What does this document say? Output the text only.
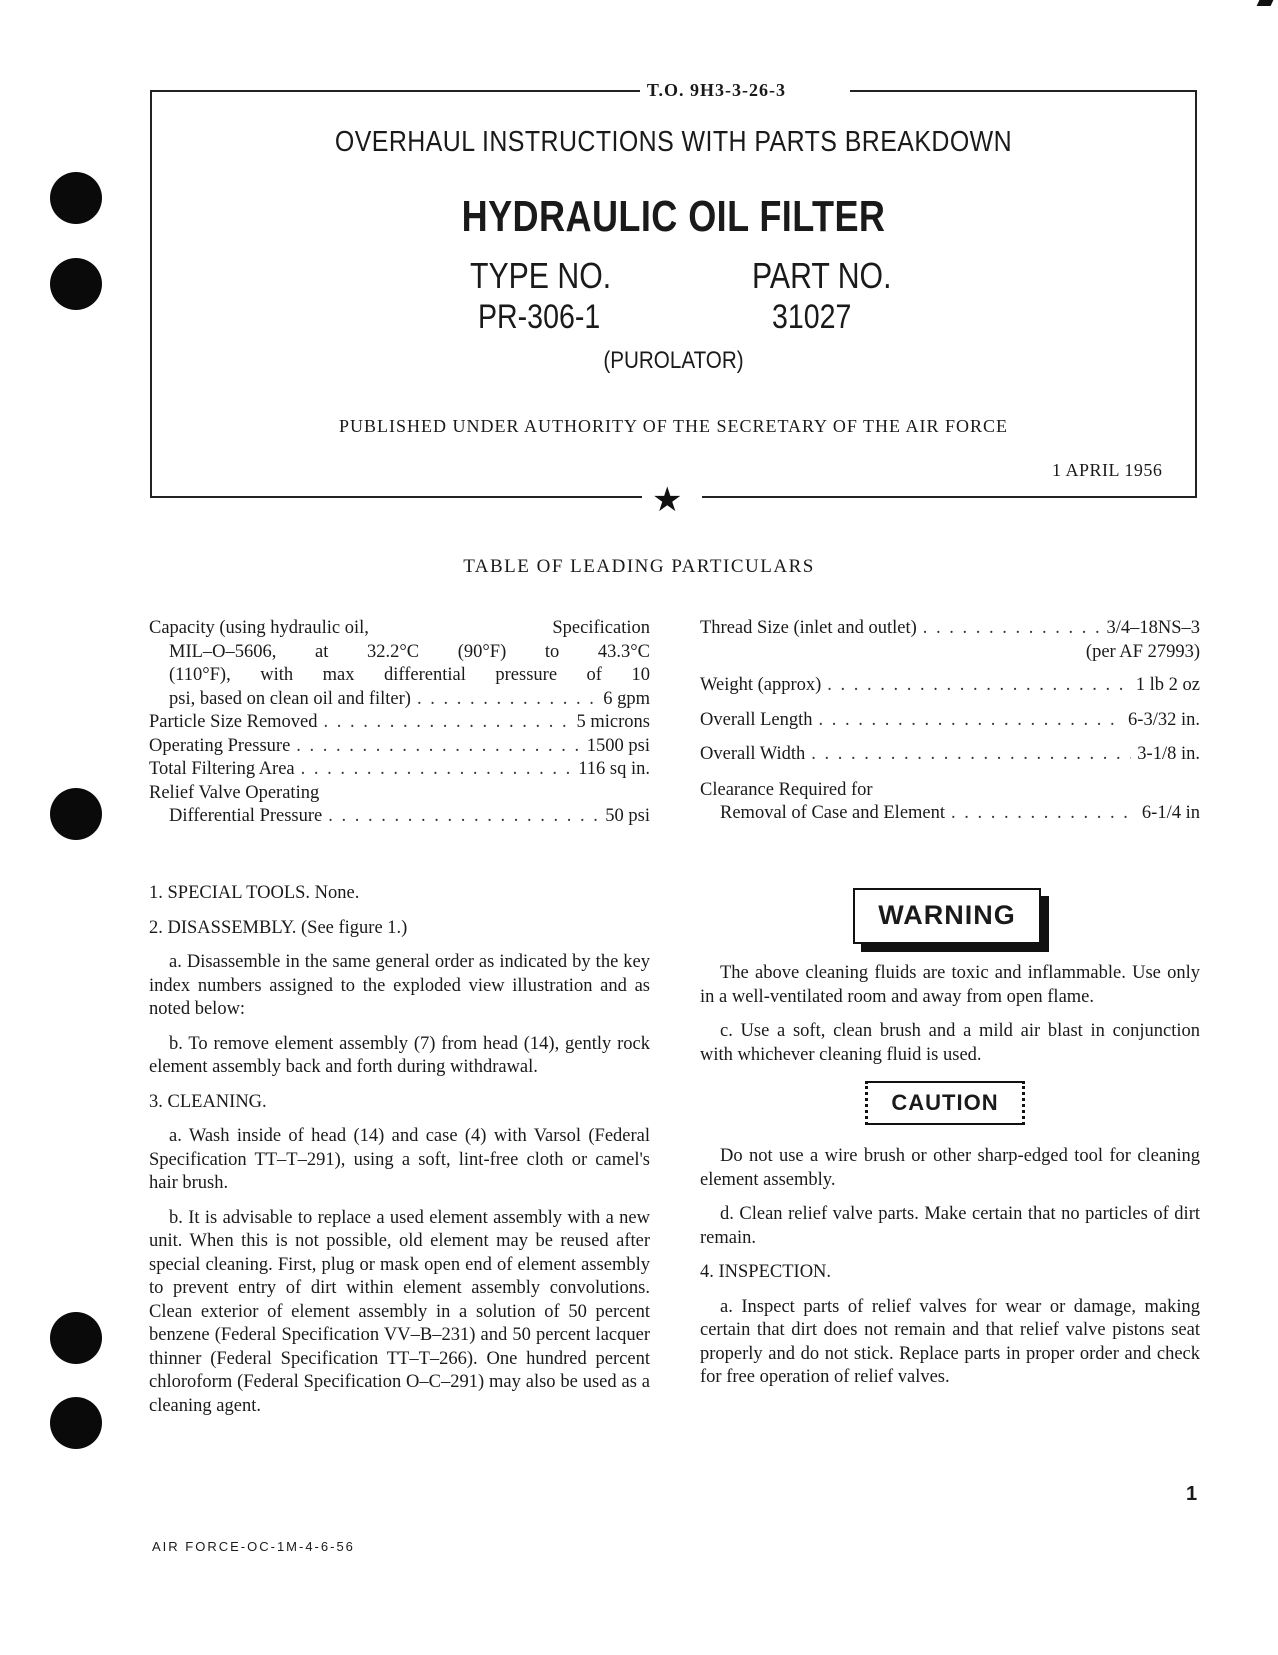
T.O. 9H3-3-26-3
OVERHAUL INSTRUCTIONS WITH PARTS BREAKDOWN
HYDRAULIC OIL FILTER
TYPE NO.
PR-306-1
PART NO.
31027
(PUROLATOR)
PUBLISHED UNDER AUTHORITY OF THE SECRETARY OF THE AIR FORCE
1 APRIL 1956
★
TABLE OF LEADING PARTICULARS
Capacity (using hydraulic oil,	Specification
MIL–O–5606, at 32.2°C (90°F) to 43.3°C
(110°F), with max differential pressure of 10
psi, based on clean oil and filter) . . .	6 gpm
Particle Size Removed . . .	5 microns
Operating Pressure . . .	1500 psi
Total Filtering Area . . .	116 sq in.
Relief Valve Operating
Differential Pressure . . .	50 psi
Thread Size (inlet and outlet) . . .	3/4–18NS–3
(per AF 27993)
Weight (approx) . . .	1 lb 2 oz
Overall Length . . .	6-3/32 in.
Overall Width . . .	3-1/8 in.
Clearance Required for
Removal of Case and Element . . .	6-1/4 in
1. SPECIAL TOOLS. None.
2. DISASSEMBLY. (See figure 1.)

a. Disassemble in the same general order as indicated by the key index numbers assigned to the exploded view illustration and as noted below:

b. To remove element assembly (7) from head (14), gently rock element assembly back and forth during withdrawal.

3. CLEANING.

a. Wash inside of head (14) and case (4) with Varsol (Federal Specification TT–T–291), using a soft, lint-free cloth or camel's hair brush.

b. It is advisable to replace a used element assembly with a new unit. When this is not possible, old element may be reused after special cleaning. First, plug or mask open end of element assembly to prevent entry of dirt within element assembly convolutions. Clean exterior of element assembly in a solution of 50 percent benzene (Federal Specification VV–B–231) and 50 percent lacquer thinner (Federal Specification TT–T–266). One hundred percent chloroform (Federal Specification O–C–291) may also be used as a cleaning agent.

WARNING

The above cleaning fluids are toxic and inflammable. Use only in a well-ventilated room and away from open flame.

c. Use a soft, clean brush and a mild air blast in conjunction with whichever cleaning fluid is used.

CAUTION

Do not use a wire brush or other sharp-edged tool for cleaning element assembly.

d. Clean relief valve parts. Make certain that no particles of dirt remain.

4. INSPECTION.

a. Inspect parts of relief valves for wear or damage, making certain that dirt does not remain and that relief valve pistons seat properly and do not stick. Replace parts in proper order and check for free operation of relief valves.

1
AIR FORCE-OC-1M-4-6-56
